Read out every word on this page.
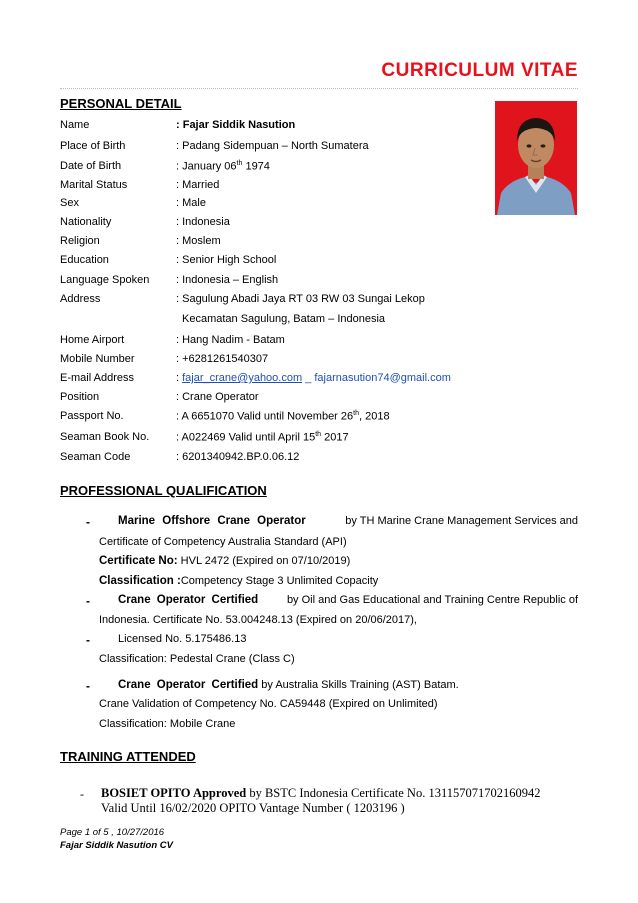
CURRICULUM VITAE
PERSONAL DETAIL
Name	: Fajar Siddik Nasution
Place of Birth	: Padang Sidempuan – North Sumatera
Date of Birth	: January 06th 1974
Marital Status	: Married
Sex	: Male
Nationality	: Indonesia
Religion	: Moslem
Education	: Senior High School
Language Spoken : Indonesia – English
Address	: Sagulung Abadi Jaya RT 03 RW 03 Sungai Lekop
Kecamatan Sagulung, Batam – Indonesia
Home Airport	: Hang Nadim - Batam
Mobile Number	: +6281261540307
E-mail Address	: fajar_crane@yahoo.com _ fajarnasution74@gmail.com
Position	: Crane Operator
Passport No.	: A 6651070 Valid until November 26th, 2018
Seaman Book No. : A022469 Valid until April 15th 2017
Seaman Code	: 6201340942.BP.0.06.12
PROFESSIONAL QUALIFICATION
- Marine Offshore Crane Operator	by TH Marine Crane Management Services and
Certificate of Competency Australia Standard (API)
Certificate No: HVL 2472 (Expired on 07/10/2019)
Classification :Competency Stage 3 Unlimited Copacity
- Crane Operator Certified	by Oil and Gas Educational and Training Centre Republic of
Indonesia. Certificate No. 53.004248.13 (Expired on 20/06/2017),
-	Licensed No. 5.175486.13
Classification: Pedestal Crane (Class C)
- Crane Operator Certified by Australia Skills Training (AST) Batam.
Crane Validation of Competency No. CA59448 (Expired on Unlimited)
Classification: Mobile Crane
TRAINING ATTENDED
- BOSIET OPITO Approved by BSTC Indonesia Certificate No. 131157071702160942
Valid Until 16/02/2020 OPITO Vantage Number ( 1203196 )
Page 1 of 5 , 10/27/2016
Fajar Siddik Nasution CV
